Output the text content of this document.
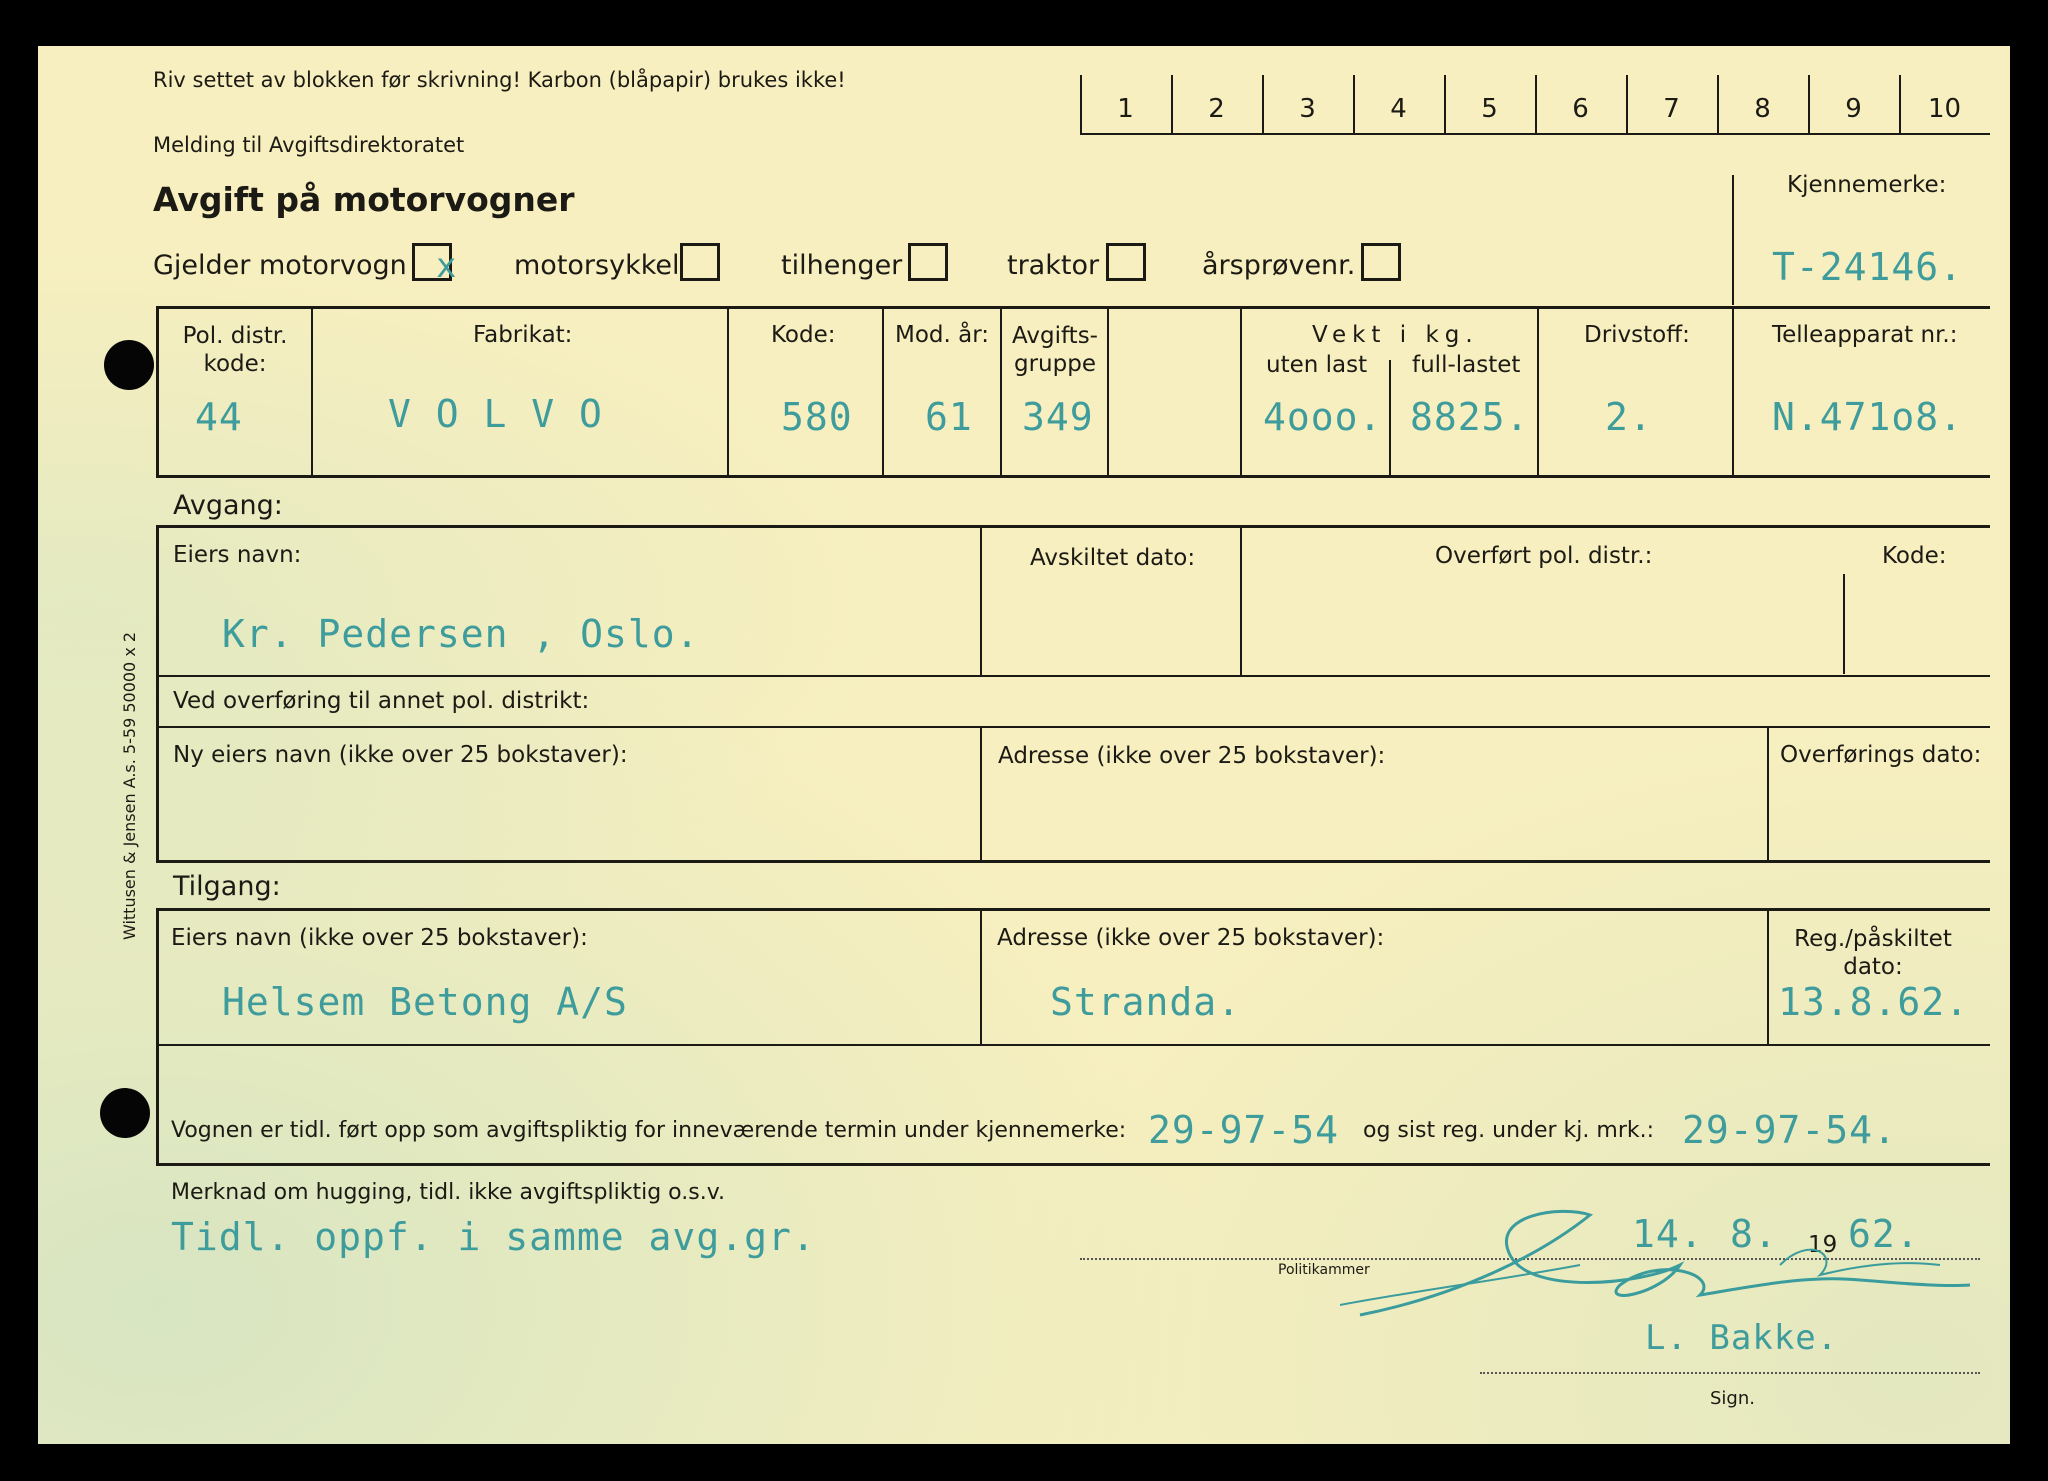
Wittusen & Jensen A.s. 5-59 50000 x 2
Riv settet av blokken før skrivning! Karbon (blåpapir) brukes ikke!
Melding til Avgiftsdirektoratet
Avgift på motorvogner
1	2	3	4	5	6	7	8	9	10
Gjelder motorvogn x motorsykkel	tilhenger	traktor	årsprøvenr.
Kjennemerke:
T-24146.
Pol. distr. kode:
44
Fabrikat:
V O L V O
Kode:
580
Mod. år:
61
Avgifts- gruppe
349
Vekt i kg.
uten last full-lastet
4ooo. 8825.
Drivstoff:
2.
Telleapparat nr.:
N.471o8.
Avgang:
Eiers navn:
Kr. Pedersen , Oslo.
Avskiltet dato:	Overført pol. distr.:	Kode:
Ved overføring til annet pol. distrikt:
Ny eiers navn (ikke over 25 bokstaver):	Adresse (ikke over 25 bokstaver):	Overførings dato:
Tilgang:
Eiers navn (ikke over 25 bokstaver):
Helsem Betong A/S
Adresse (ikke over 25 bokstaver):
Stranda.
Reg./påskiltet dato:
13.8.62.
Vognen er tidl. ført opp som avgiftspliktig for inneværende termin under kjennemerke: 29-97-54 og sist reg. under kj. mrk.: 29-97-54.
Merknad om hugging, tidl. ikke avgiftspliktig o.s.v.
Tidl. oppf. i samme avg.gr.	14. 8. 19 62.
Politikammer
L. Bakke.
Sign.
